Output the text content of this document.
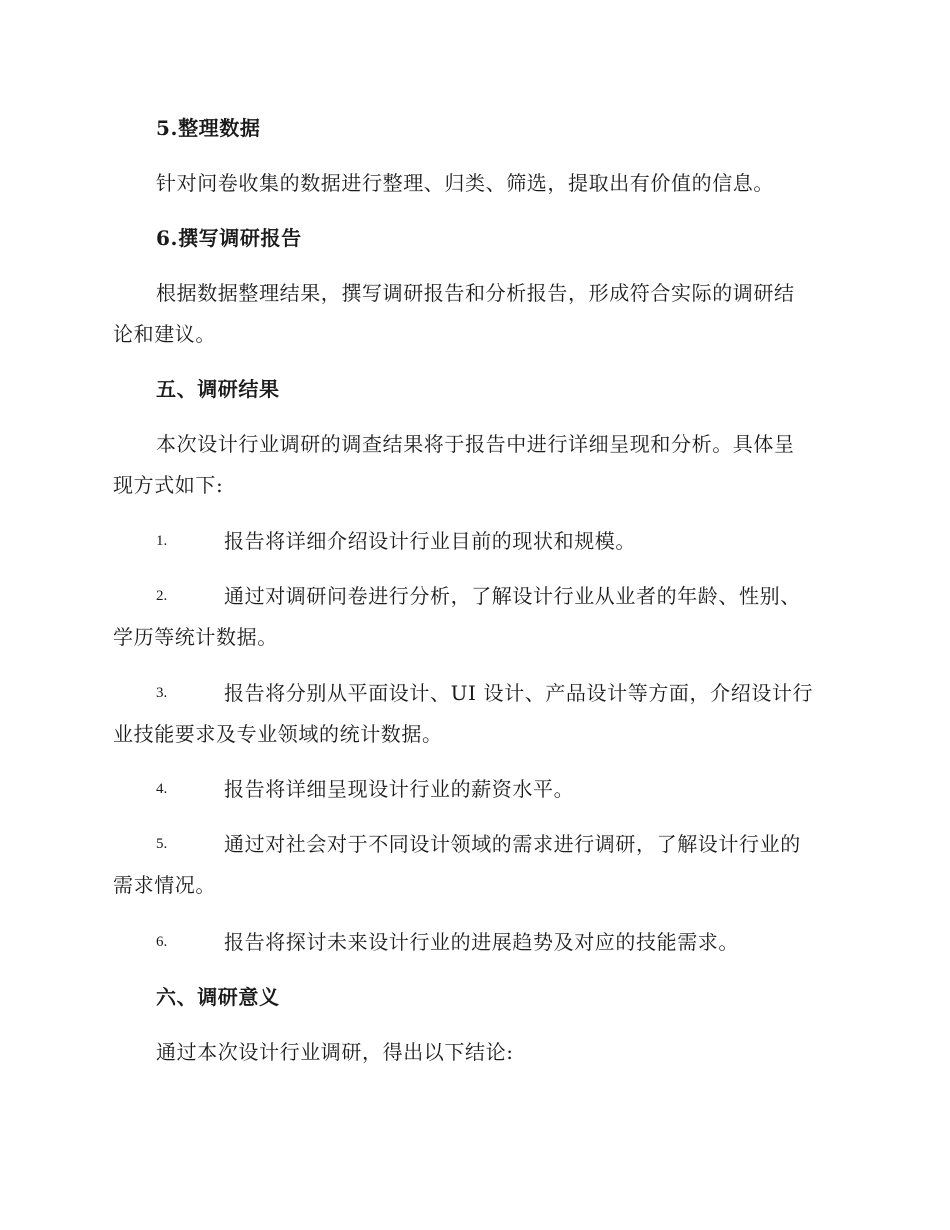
5.整理数据
针对问卷收集的数据进行整理、归类、筛选，提取出有价值的信息。
6.撰写调研报告
根据数据整理结果，撰写调研报告和分析报告，形成符合实际的调研结
论和建议。
五、调研结果
本次设计行业调研的调查结果将于报告中进行详细呈现和分析。具体呈
现方式如下:
1.	报告将详细介绍设计行业目前的现状和规模。
2.	通过对调研问卷进行分析，了解设计行业从业者的年龄、性别、
学历等统计数据。
3.	报告将分别从平面设计、UI 设计、产品设计等方面，介绍设计行
业技能要求及专业领域的统计数据。
4.	报告将详细呈现设计行业的薪资水平。
5.	通过对社会对于不同设计领域的需求进行调研，了解设计行业的
需求情况。
6.	报告将探讨未来设计行业的进展趋势及对应的技能需求。
六、调研意义
通过本次设计行业调研，得出以下结论:
